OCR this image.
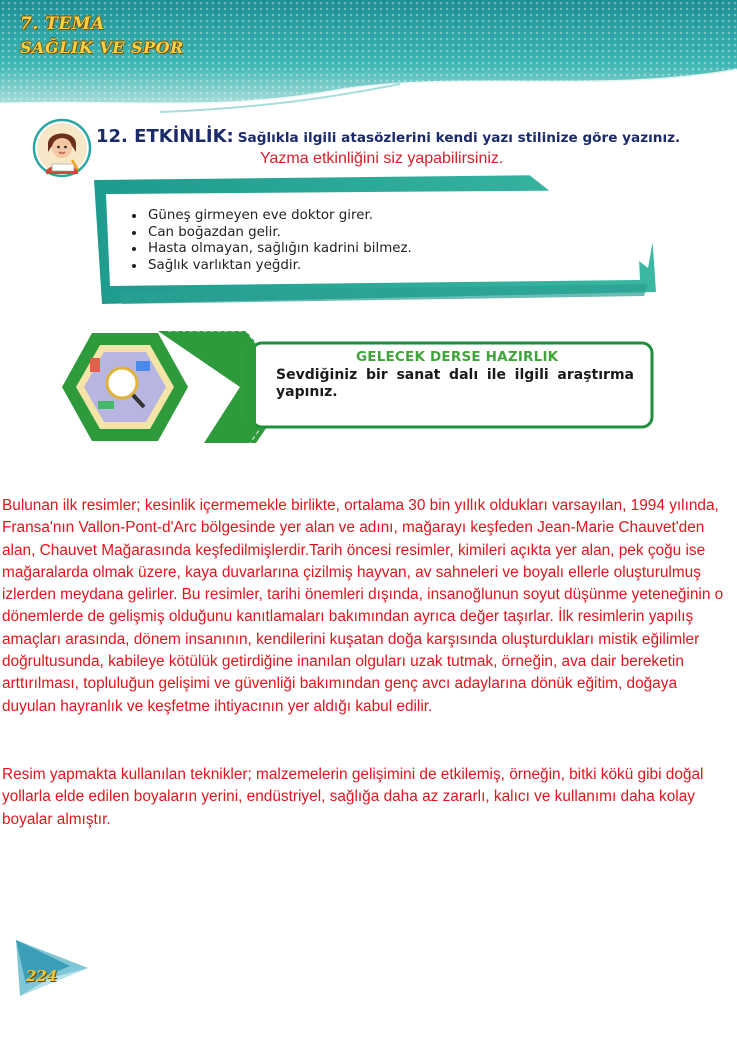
7. TEMA
SAĞLIK VE SPOR
12. ETKİNLİK: Sağlıkla ilgili atasözlerini kendi yazı stilinize göre yazınız.
Yazma etkinliğini siz yapabilirsiniz.
• Güneş girmeyen eve doktor girer.
• Can boğazdan gelir.
• Hasta olmayan, sağlığın kadrini bilmez.
• Sağlık varlıktan yeğdir.
GELECEK DERSE HAZIRLIK
Sevdiğiniz bir sanat dalı ile ilgili araştırma yapınız.

Bulunan ilk resimler; kesinlik içermemekle birlikte, ortalama 30 bin yıllık oldukları varsayılan, 1994 yılında, Fransa'nın Vallon-Pont-d'Arc bölgesinde yer alan ve adını, mağarayı keşfeden Jean-Marie Chauvet'den alan, Chauvet Mağarasında keşfedilmişlerdir.Tarih öncesi resimler, kimileri açıkta yer alan, pek çoğu ise mağaralarda olmak üzere, kaya duvarlarına çizilmiş hayvan, av sahneleri ve boyalı ellerle oluşturulmuş izlerden meydana gelirler. Bu resimler, tarihi önemleri dışında, insanoğlunun soyut düşünme yeteneğinin o dönemlerde de gelişmiş olduğunu kanıtlamaları bakımından ayrıca değer taşırlar. İlk resimlerin yapılış amaçları arasında, dönem insanının, kendilerini kuşatan doğa karşısında oluşturdukları mistik eğilimler doğrultusunda, kabileye kötülük getirdiğine inanılan olguları uzak tutmak, örneğin, ava dair bereketin arttırılması, topluluğun gelişimi ve güvenliği bakımından genç avcı adaylarına dönük eğitim, doğaya duyulan hayranlık ve keşfetme ihtiyacının yer aldığı kabul edilir.

Resim yapmakta kullanılan teknikler; malzemelerin gelişimini de etkilemiş, örneğin, bitki kökü gibi doğal yollarla elde edilen boyaların yerini, endüstriyel, sağlığa daha az zararlı, kalıcı ve kullanımı daha kolay boyalar almıştır.

224
